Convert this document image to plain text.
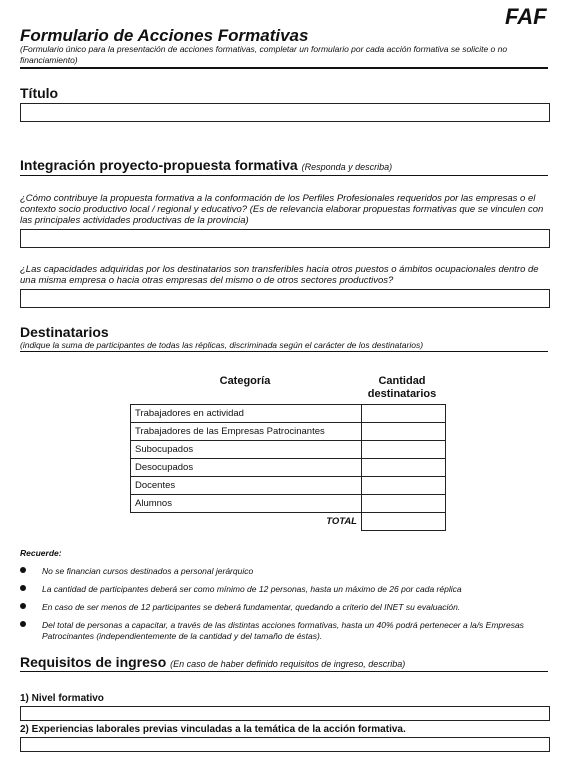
FAF
Formulario de Acciones Formativas
(Formulario único para la presentación de acciones formativas, completar un formulario por cada acción formativa se solicite o no financiamiento)
Título
Integración proyecto-propuesta formativa (Responda y describa)
¿Cómo contribuye la propuesta formativa a la conformación de los Perfiles Profesionales requeridos por las empresas o el contexto socio productivo local / regional y educativo? (Es de relevancia elaborar propuestas formativas que se vinculen con las principales actividades productivas de la provincia)
¿Las capacidades adquiridas por los destinatarios son transferibles hacia otros puestos o ámbitos ocupacionales dentro de una misma empresa o hacia otras empresas del mismo o de otros sectores productivos?
Destinatarios
(indique la suma de participantes de todas las réplicas, discriminada según el carácter de los destinatarios)
Categoría	Cantidad destinatarios
Trabajadores en actividad	
Trabajadores de las Empresas Patrocinantes	
Subocupados	
Desocupados	
Docentes	
Alumnos	
TOTAL	
Recuerde:
No se financian cursos destinados a personal jerárquico
La cantidad de participantes deberá ser como mínimo de 12 personas, hasta un máximo de 26 por cada réplica
En caso de ser menos de 12 participantes se deberá fundamentar, quedando a criterio del INET su evaluación.
Del total de personas a capacitar, a través de las distintas acciones formativas, hasta un 40% podrá pertenecer a la/s Empresas Patrocinantes (independientemente de la cantidad y del tamaño de éstas).
Requisitos de ingreso (En caso de haber definido requisitos de ingreso, describa)
1) Nivel formativo
2) Experiencias laborales previas vinculadas a la temática de la acción formativa.
